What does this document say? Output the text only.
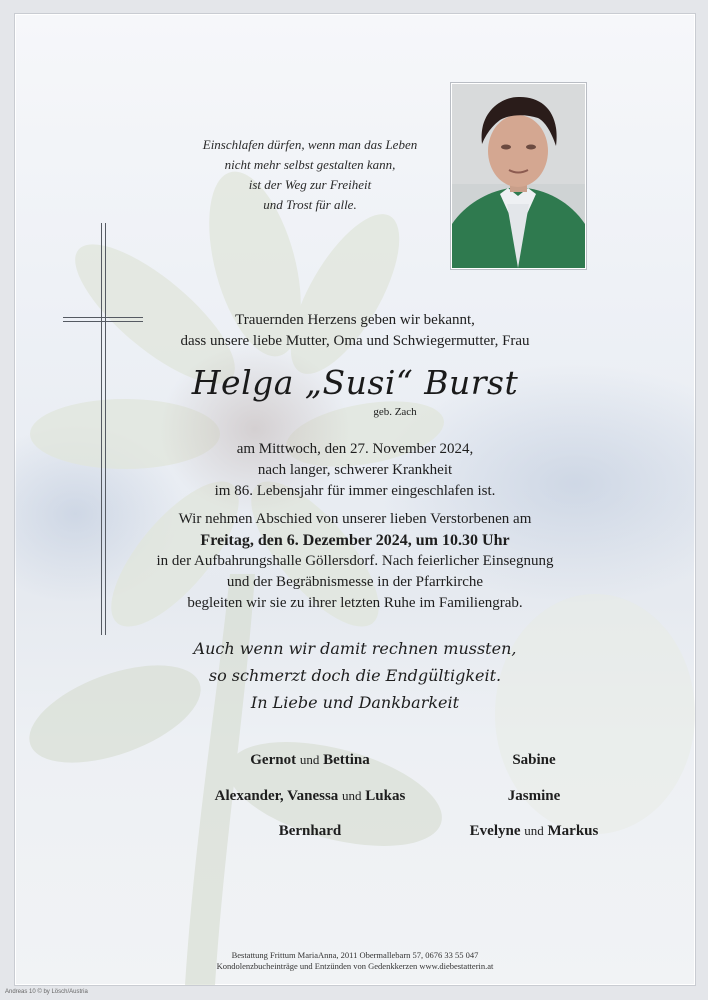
Einschlafen dürfen, wenn man das Leben
nicht mehr selbst gestalten kann,
ist der Weg zur Freiheit
und Trost für alle.
Trauernden Herzens geben wir bekannt,
dass unsere liebe Mutter, Oma und Schwiegermutter, Frau
Helga „Susi“ Burst
geb. Zach
am Mittwoch, den 27. November 2024,
nach langer, schwerer Krankheit
im 86. Lebensjahr für immer eingeschlafen ist.
Wir nehmen Abschied von unserer lieben Verstorbenen am
Freitag, den 6. Dezember 2024, um 10.30 Uhr
in der Aufbahrungshalle Göllersdorf. Nach feierlicher Einsegnung
und der Begräbnismesse in der Pfarrkirche
begleiten wir sie zu ihrer letzten Ruhe im Familiengrab.
Auch wenn wir damit rechnen mussten,
so schmerzt doch die Endgültigkeit.
In Liebe und Dankbarkeit
Gernot und Bettina
Alexander, Vanessa und Lukas
Bernhard
Sabine
Jasmine
Evelyne und Markus
Bestattung Frittum MariaAnna, 2011 Obermallebarn 57, 0676 33 55 047
Kondolenzbucheinträge und Entzünden von Gedenkkerzen www.diebestatterin.at
Andreas 10 © by Lösch/Austria
